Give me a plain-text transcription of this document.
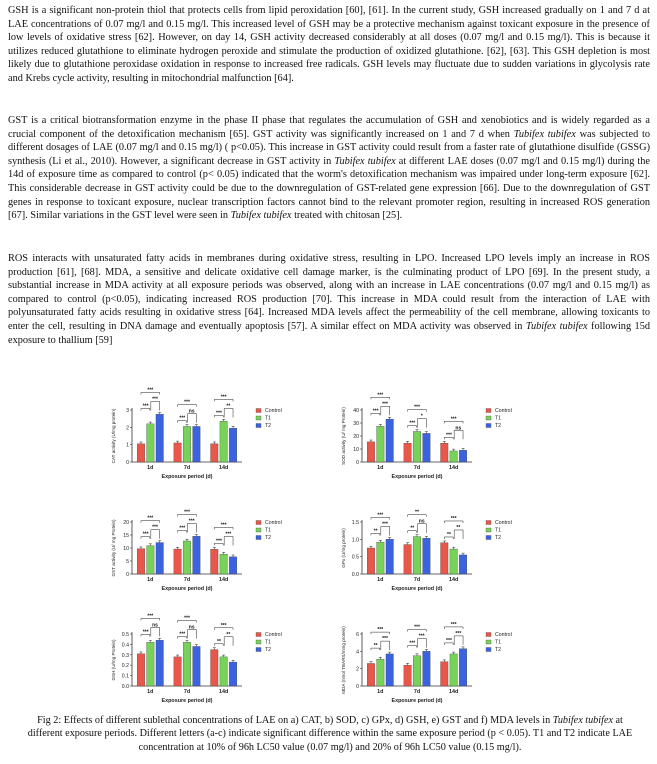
GSH is a significant non-protein thiol that protects cells from lipid peroxidation [60], [61]. In the current study, GSH increased gradually on 1 and 7 d at LAE concentrations of 0.07 mg/l and 0.15 mg/l. This increased level of GSH may be a protective mechanism against toxicant exposure in the presence of low levels of oxidative stress [62]. However, on day 14, GSH activity decreased considerably at all doses (0.07 mg/l and 0.15 mg/l). This is because it utilizes reduced glutathione to eliminate hydrogen peroxide and stimulate the production of oxidized glutathione. [62], [63]. This GSH depletion is most likely due to glutathione peroxidase oxidation in response to increased free radicals. GSH levels may fluctuate due to sudden variations in glycolysis rate and Krebs cycle activity, resulting in mitochondrial malfunction [64].
GST is a critical biotransformation enzyme in the phase II phase that regulates the accumulation of GSH and xenobiotics and is widely regarded as a crucial component of the detoxification mechanism [65]. GST activity was significantly increased on 1 and 7 d when Tubifex tubifex was subjected to different dosages of LAE (0.07 mg/l and 0.15 mg/l) ( p<0.05). This increase in GST activity could result from a faster rate of glutathione disulfide (GSSG) synthesis (Li et al., 2010). However, a significant decrease in GST activity in Tubifex tubifex at different LAE doses (0.07 mg/l and 0.15 mg/l) during the 14d of exposure time as compared to control (p< 0.05) indicated that the worm's detoxification mechanism was impaired under long-term exposure [62]. This considerable decrease in GST activity could be due to the downregulation of GST-related gene expression [66]. Due to the downregulation of GST genes in response to toxicant exposure, nuclear transcription factors cannot bind to the relevant promoter region, resulting in increased ROS generation [67]. Similar variations in the GST level were seen in Tubifex tubifex treated with chitosan [25].
ROS interacts with unsaturated fatty acids in membranes during oxidative stress, resulting in LPO. Increased LPO levels imply an increase in ROS production [61], [68]. MDA, a sensitive and delicate oxidative cell damage marker, is the culminating product of LPO [69]. In the present study, a substantial increase in MDA activity at all exposure periods was observed, along with an increase in LAE concentrations (0.07 mg/l and 0.15 mg/l) as compared to control (p<0.05), indicating increased ROS production [70]. This increase in MDA could result from the interaction of LAE with polyunsaturated fatty acids resulting in oxidative stress [64]. Increased MDA levels affect the permeability of the cell membrane, allowing toxicants to enter the cell, resulting in DNA damage and eventually apoptosis [57]. A similar effect on MDA activity was observed in Tubifex tubifex following 15d exposure to thallium [59]
0
1
2
3
CAT activity (U/mg protein)
Exposure period (d)
***
***
***
1d
***
ns
***
7d
***
**
***
14d
Control
T1
T2
0
10
20
30
40
SOD activity (U/ mg Protein)
Exposure period (d)
***
***
***
1d
***
*
***
7d
***
ns
***
14d
Control
T1
T2
0
5
10
15
20
GST activity (U/ mg Protein)
Exposure period (d)
***
***
***
1d
***
***
***
7d
***
***
***
14d
Control
T1
T2
0.0
0.5
1.0
1.5
GPx (U/mg protein)
Exposure period (d)
**
***
***
1d
**
ns
**
7d
**
**
***
14d
Control
T1
T2
0.0
0.1
0.2
0.3
0.4
0.5
GSH (U/mg Protein)
Exposure period (d)
***
ns
***
1d
***
ns
***
7d
**
**
***
14d
Control
T1
T2
0
2
4
6
MDA (nmol TBARS/mmg protein)
Exposure period (d)
**
***
***
1d
***
***
***
7d
***
***
***
14d
Control
T1
T2
Fig 2: Effects of different sublethal concentrations of LAE on a) CAT, b) SOD, c) GPx, d) GSH, e) GST and f) MDA levels in Tubifex tubifex at different exposure periods. Different letters (a-c) indicate significant difference within the same exposure period (p < 0.05). T1 and T2 indicate LAE concentration at 10% of 96h LC50 value (0.07 mg/l) and 20% of 96h LC50 value (0.15 mg/l).
